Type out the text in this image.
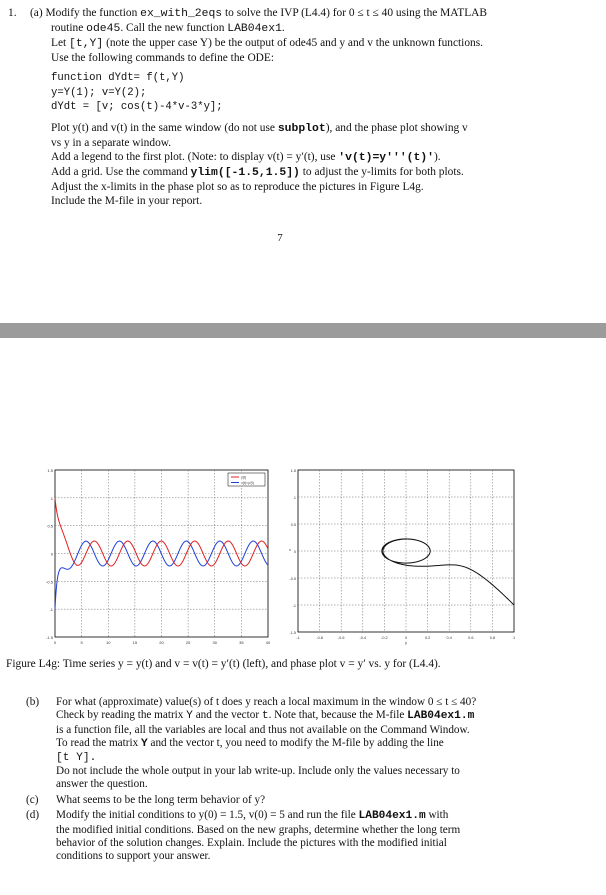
1. (a) Modify the function ex_with_2eqs to solve the IVP (L4.4) for 0 ≤ t ≤ 40 using the MATLAB
routine ode45. Call the new function LAB04ex1.
Let [t,Y] (note the upper case Y) be the output of ode45 and y and v the unknown functions.
Use the following commands to define the ODE:
function dYdt= f(t,Y)
y=Y(1); v=Y(2);
dYdt = [v; cos(t)-4*v-3*y];
Plot y(t) and v(t) in the same window (do not use subplot), and the phase plot showing v
vs y in a separate window.
Add a legend to the first plot. (Note: to display v(t) = y′(t), use 'v(t)=y'''(t)').
Add a grid. Use the command ylim([-1.5,1.5]) to adjust the y-limits for both plots.
Adjust the x-limits in the phase plot so as to reproduce the pictures in Figure L4g.
Include the M-file in your report.
7
0	5	10	15	20	25	30	35	40
-1.5
-1
-0.5
0
0.5
1
1.5
y(t)
v(t)=y'(t)
-1	-0.8	-0.6	-0.4	-0.2	0	0.2	0.4	0.6	0.8	1
-1.5
-1
-0.5
0
0.5
1
1.5
y
v
Figure L4g: Time series y = y(t) and v = v(t) = y′(t) (left), and phase plot v = y′ vs. y for (L4.4).
(b) For what (approximate) value(s) of t does y reach a local maximum in the window 0 ≤ t ≤ 40?

Check by reading the matrix Y and the vector t. Note that, because the M-file LAB04ex1.m

is a function file, all the variables are local and thus not available on the Command Window.

To read the matrix Y and the vector t, you need to modify the M-file by adding the line

[t Y].

Do not include the whole output in your lab write-up. Include only the values necessary to

answer the question.

(c) What seems to be the long term behavior of y?

(d) Modify the initial conditions to y(0) = 1.5, v(0) = 5 and run the file LAB04ex1.m with

the modified initial conditions. Based on the new graphs, determine whether the long term

behavior of the solution changes. Explain. Include the pictures with the modified initial

conditions to support your answer.
